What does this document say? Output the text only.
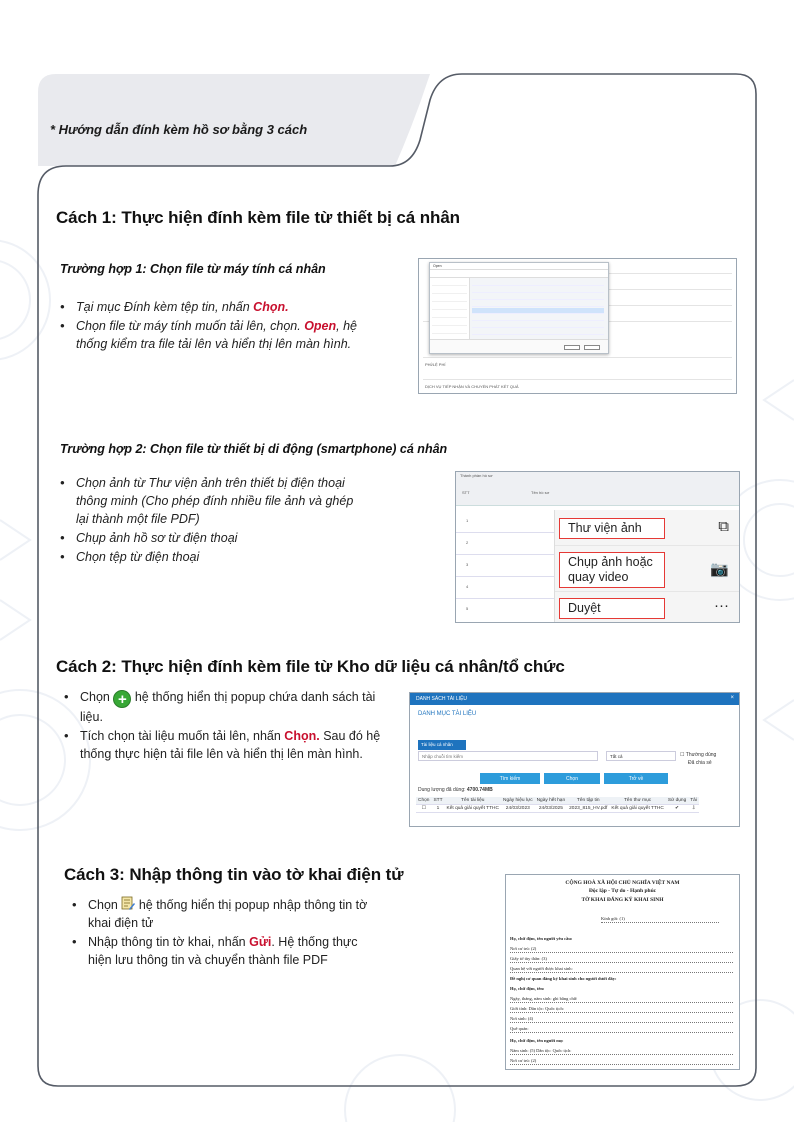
* Hướng dẫn đính kèm hồ sơ bằng 3 cách
Cách 1: Thực hiện đính kèm file từ thiết bị cá nhân
Trường hợp 1: Chọn file từ máy tính cá nhân
• Tại mục Đính kèm tệp tin, nhấn Chọn.
• Chọn file từ máy tính muốn tải lên, chọn. Open, hệ thống kiểm tra file tải lên và hiển thị lên màn hình.
PHÍ/LỆ PHÍ
DỊCH VỤ TIẾP NHẬN VÀ CHUYỂN PHÁT KẾT QUẢ
Open
Trường hợp 2: Chọn file từ thiết bị di động (smartphone) cá nhân
• Chọn ảnh từ Thư viện ảnh trên thiết bị điện thoại thông minh (Cho phép đính nhiều file ảnh và ghép lại thành một file PDF)
• Chụp ảnh hồ sơ từ điện thoại
• Chọn tệp từ điện thoại
Thành phần hồ sơ
STT	Tên hồ sơ
1
2
3
4
5
Thư viện ảnh	⧉
Chụp ảnh hoặc quay video	📷
Duyệt	···
Cách 2: Thực hiện đính kèm file từ Kho dữ liệu cá nhân/tổ chức
• Chọn + hệ thống hiển thị popup chứa danh sách tài liệu.
• Tích chọn tài liệu muốn tải lên, nhấn Chọn. Sau đó hệ thống thực hiện tải file lên và hiển thị lên màn hình.
DANH SÁCH TÀI LIỆU	×
DANH MỤC TÀI LIỆU
Tài liệu cá nhân
Nhập chuỗi tìm kiếm	Tất cả	☐ Thường dùng
Đã chia sẻ
Tìm kiếm	Chọn	Trở về
Dung lượng đã dùng: 4700.74MB
Chọn	STT	Tên tài liệu	Ngày hiệu lực	Ngày hết hạn	Tên tập tin	Tên thư mục	Sử dụng	Tải
☐	1	Kết quả giải quyết TTHC	24/03/2023	24/03/2025	2023_815_HV.pdf	Kết quả giải quyết TTHC	✔	⇩
Cách 3: Nhập thông tin vào tờ khai điện tử
• Chọn  hệ thống hiển thị popup nhập thông tin tờ khai điện tử
• Nhập thông tin tờ khai, nhấn Gửi. Hệ thống thực hiện lưu thông tin và chuyển thành file PDF
CỘNG HOÀ XÃ HỘI CHỦ NGHĨA VIỆT NAM
Độc lập - Tự do - Hạnh phúc
TỜ KHAI ĐĂNG KÝ KHAI SINH
Kính gửi: (1)
Họ, chữ đệm, tên người yêu cầu:
Nơi cư trú: (2)
Giấy tờ tùy thân: (3)
Quan hệ với người được khai sinh:
Đề nghị cơ quan đăng ký khai sinh cho người dưới đây:
Họ, chữ đệm, tên:
Ngày, tháng, năm sinh: ghi bằng chữ:
Giới tính: Dân tộc: Quốc tịch:
Nơi sinh: (4)
Quê quán:
Họ, chữ đệm, tên người mẹ:
Năm sinh: (5) Dân tộc: Quốc tịch:
Nơi cư trú: (2)
